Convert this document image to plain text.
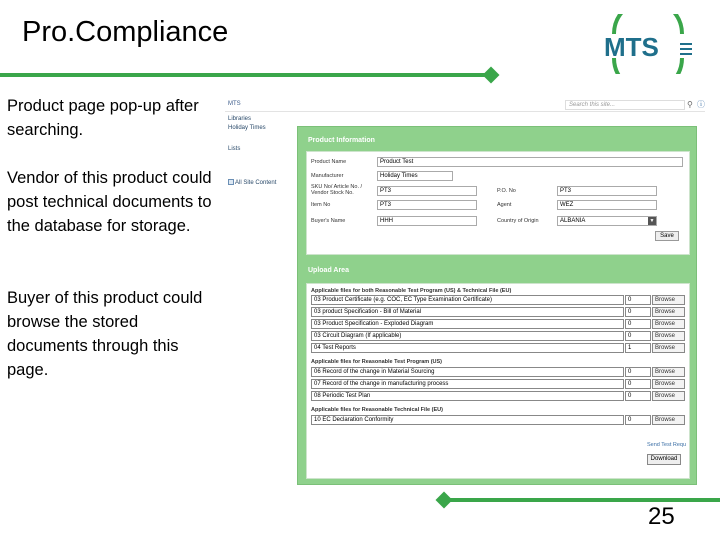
Pro.Compliance	MTS
Product page pop-up after searching.
Vendor of this product could post technical documents to the database for storage.
Buyer of this product could browse the stored documents through this page.
MTS	Search this site...	⚲ ⓘ
Libraries
Holiday Times
Lists
All Site Content
Product Information
Product Name	Product Test
Manufacturer	Holiday Times
SKU No/ Article No. / Vendor Stock No.	PT3	P.O. No	PT3
Item No	PT3	Agent	WEZ
Buyer's Name	HHH	Country of Origin	ALBANIA	▼
Save
Upload Area
Applicable files for both Reasonable Test Program (US) & Technical File (EU)
03 Product Certificate (e.g. COC, EC Type Examination Certificate)	0	Browse
03 product Specification - Bill of Material	0	Browse
03 Product Specification - Exploded Diagram	0	Browse
03 Circuit Diagram (If applicable)	0	Browse
04 Test Reports	1	Browse
Applicable files for Reasonable Test Program (US)
06 Record of the change in Material Sourcing	0	Browse
07 Record of the change in manufacturing process	0	Browse
08 Periodic Test Plan	0	Browse
Applicable files for Reasonable Technical File (EU)
10 EC Declaration Conformity	0	Browse
Send Test Requ
Download
25
